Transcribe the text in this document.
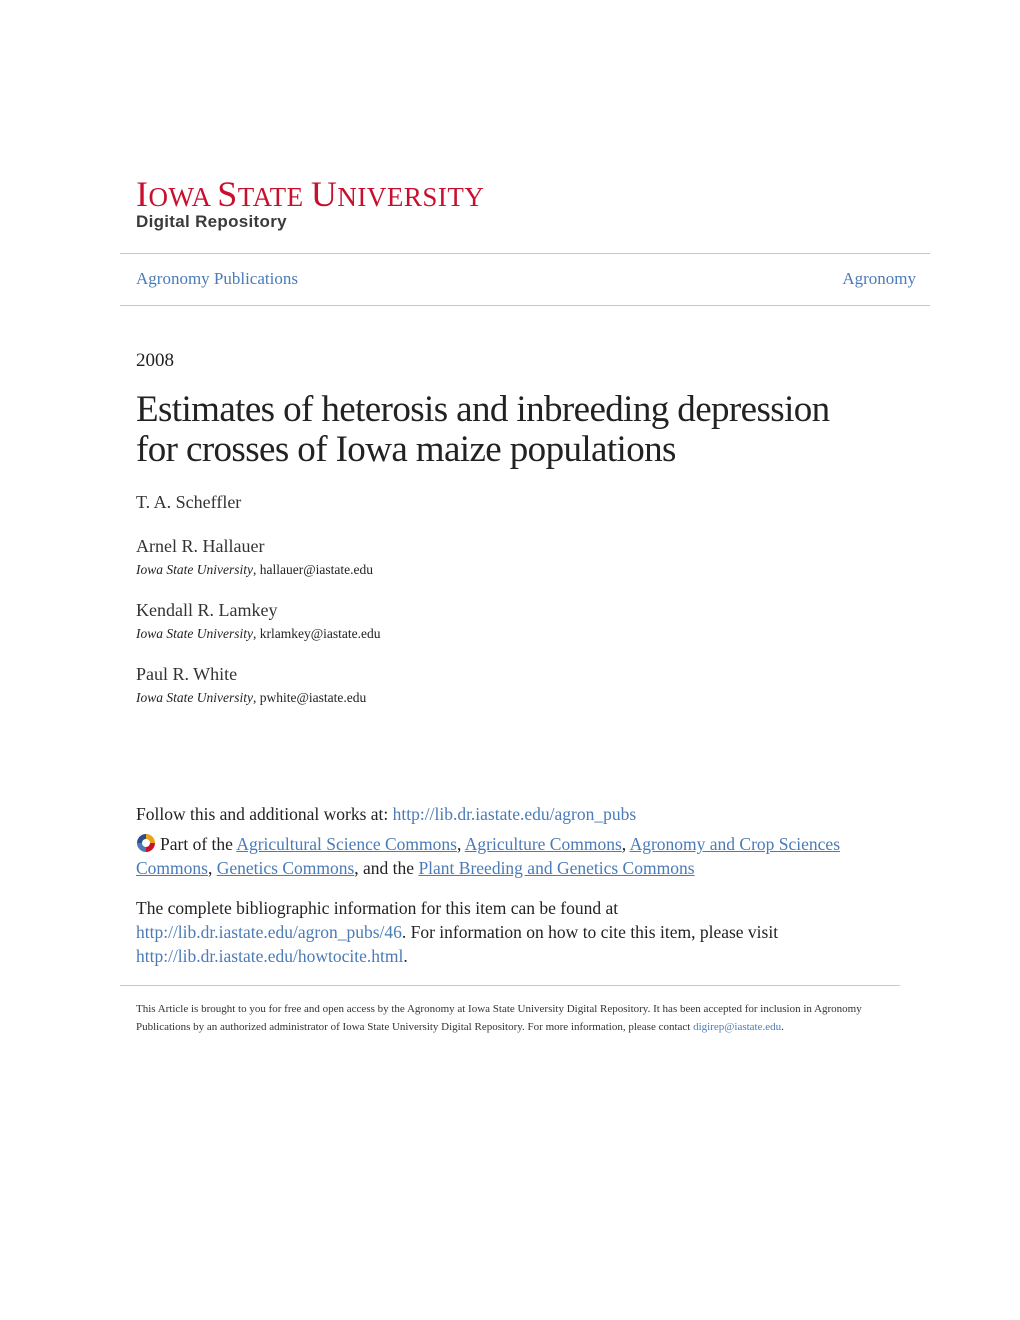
IOWA STATE UNIVERSITY
Digital Repository
Agronomy Publications	Agronomy
2008
Estimates of heterosis and inbreeding depression
for crosses of Iowa maize populations
T. A. Scheffler
Arnel R. Hallauer
Iowa State University, hallauer@iastate.edu
Kendall R. Lamkey
Iowa State University, krlamkey@iastate.edu
Paul R. White
Iowa State University, pwhite@iastate.edu
Follow this and additional works at: http://lib.dr.iastate.edu/agron_pubs
Part of the Agricultural Science Commons, Agriculture Commons, Agronomy and Crop Sciences Commons, Genetics Commons, and the Plant Breeding and Genetics Commons
The complete bibliographic information for this item can be found at http://lib.dr.iastate.edu/agron_pubs/46. For information on how to cite this item, please visit http://lib.dr.iastate.edu/howtocite.html.
This Article is brought to you for free and open access by the Agronomy at Iowa State University Digital Repository. It has been accepted for inclusion in Agronomy Publications by an authorized administrator of Iowa State University Digital Repository. For more information, please contact digirep@iastate.edu.
